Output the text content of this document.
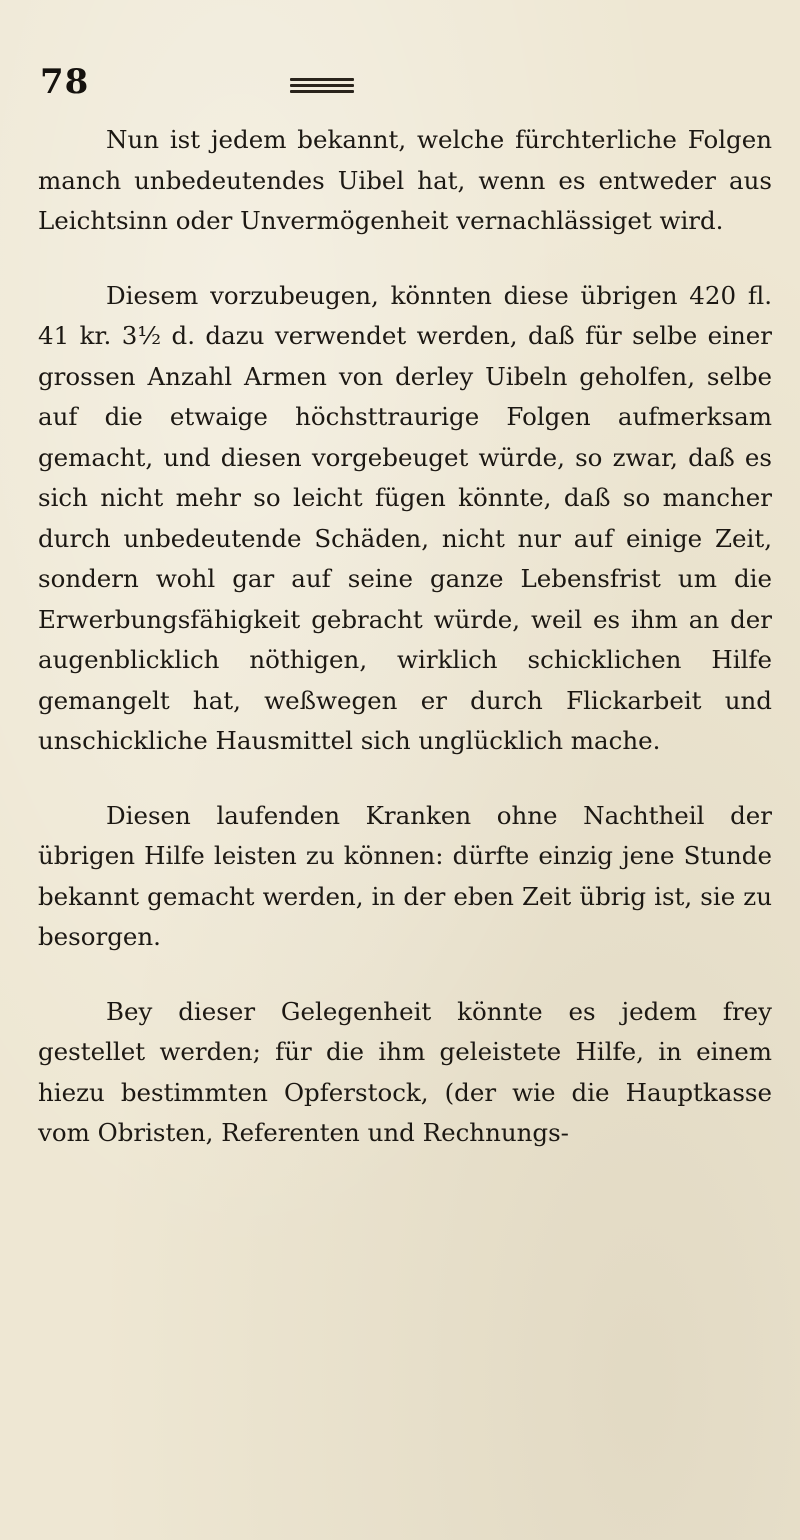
78

Nun ist jedem bekannt, welche fürchterliche Folgen manch unbedeutendes Uibel hat, wenn es entweder aus Leichtsinn oder Unvermögenheit vernachlässiget wird.

Diesem vorzubeugen, könnten diese übrigen 420 fl. 41 kr. 3½ d. dazu verwendet werden, daß für selbe einer grossen Anzahl Armen von derley Uibeln geholfen, selbe auf die etwaige höchsttraurige Folgen aufmerksam gemacht, und diesen vorgebeuget würde, so zwar, daß es sich nicht mehr so leicht fügen könnte, daß so mancher durch unbedeutende Schäden, nicht nur auf einige Zeit, sondern wohl gar auf seine ganze Lebensfrist um die Erwerbungsfähigkeit gebracht würde, weil es ihm an der augenblicklich nöthigen, wirklich schicklichen Hilfe gemangelt hat, weßwegen er durch Flickarbeit und unschickliche Hausmittel sich unglücklich mache.

Diesen laufenden Kranken ohne Nachtheil der übrigen Hilfe leisten zu können: dürfte einzig jene Stunde bekannt gemacht werden, in der eben Zeit übrig ist, sie zu besorgen.

Bey dieser Gelegenheit könnte es jedem frey gestellet werden; für die ihm geleistete Hilfe, in einem hiezu bestimmten Opferstock, (der wie die Hauptkasse vom Obristen, Referenten und Rechnungs-
